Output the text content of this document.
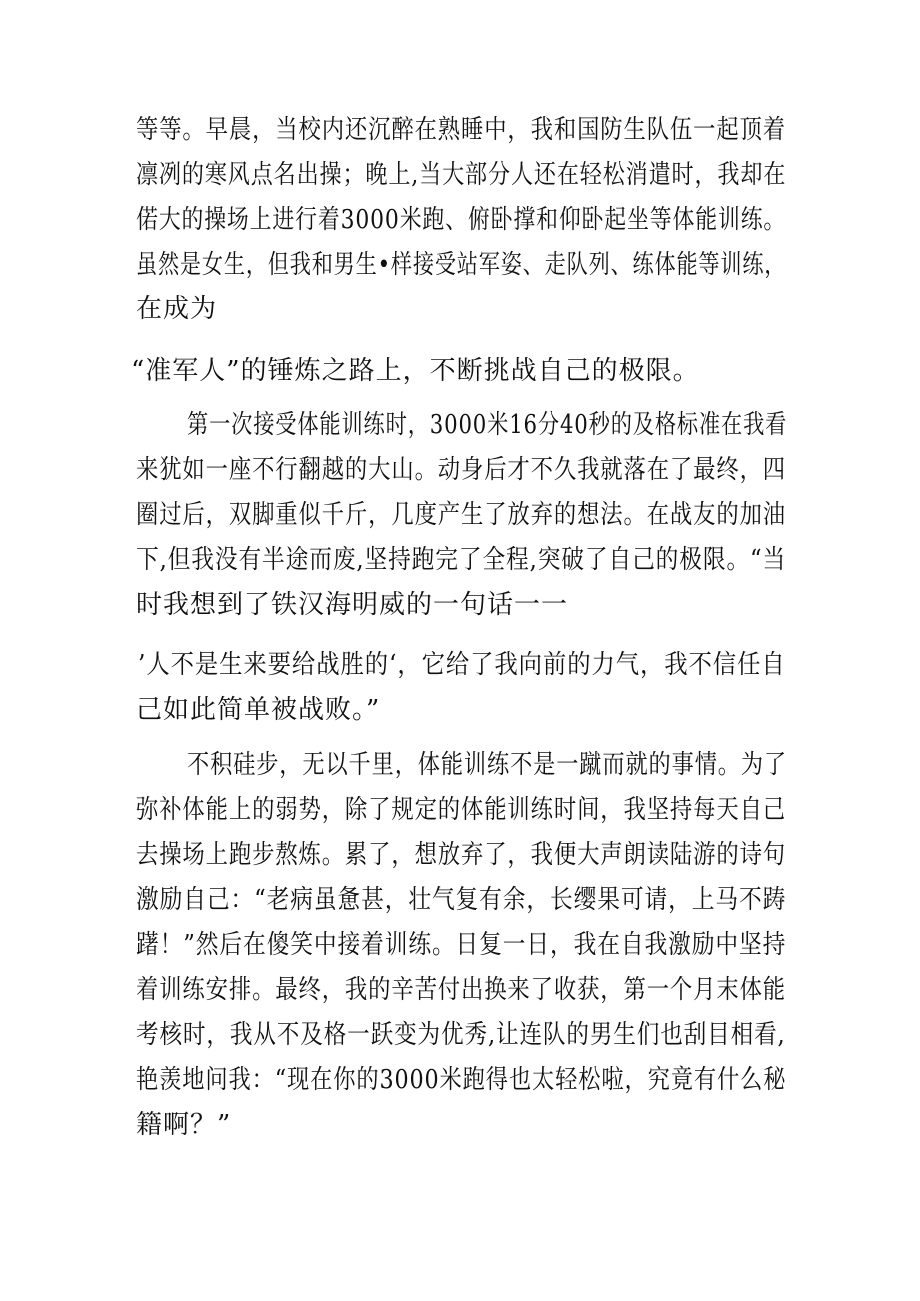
等等。早晨，当校内还沉醉在熟睡中，我和国防生队伍一起顶着
凛冽的寒风点名出操；晚上,当大部分人还在轻松消遣时，我却在
偌大的操场上进行着3000米跑、俯卧撑和仰卧起坐等体能训练。
虽然是女生，但我和男生•样接受站军姿、走队列、练体能等训练，
在成为
“准军人”的锤炼之路上，不断挑战自己的极限。
第一次接受体能训练时，3000米16分40秒的及格标准在我看
来犹如一座不行翻越的大山。动身后才不久我就落在了最终，四
圈过后，双脚重似千斤，几度产生了放弃的想法。在战友的加油
下,但我没有半途而废,坚持跑完了全程,突破了自己的极限。“当
时我想到了铁汉海明威的一句话一一
’人不是生来要给战胜的‘，它给了我向前的力气，我不信任自
己如此简单被战败。”
不积硅步，无以千里，体能训练不是一蹴而就的事情。为了
弥补体能上的弱势，除了规定的体能训练时间，我坚持每天自己
去操场上跑步熬炼。累了，想放弃了，我便大声朗读陆游的诗句
激励自己：“老病虽惫甚，壮气复有余，长缨果可请，上马不踌
躇！”然后在傻笑中接着训练。日复一日，我在自我激励中坚持
着训练安排。最终，我的辛苦付出换来了收获，第一个月末体能
考核时，我从不及格一跃变为优秀,让连队的男生们也刮目相看,
艳羡地问我：“现在你的3000米跑得也太轻松啦，究竟有什么秘
籍啊？”
